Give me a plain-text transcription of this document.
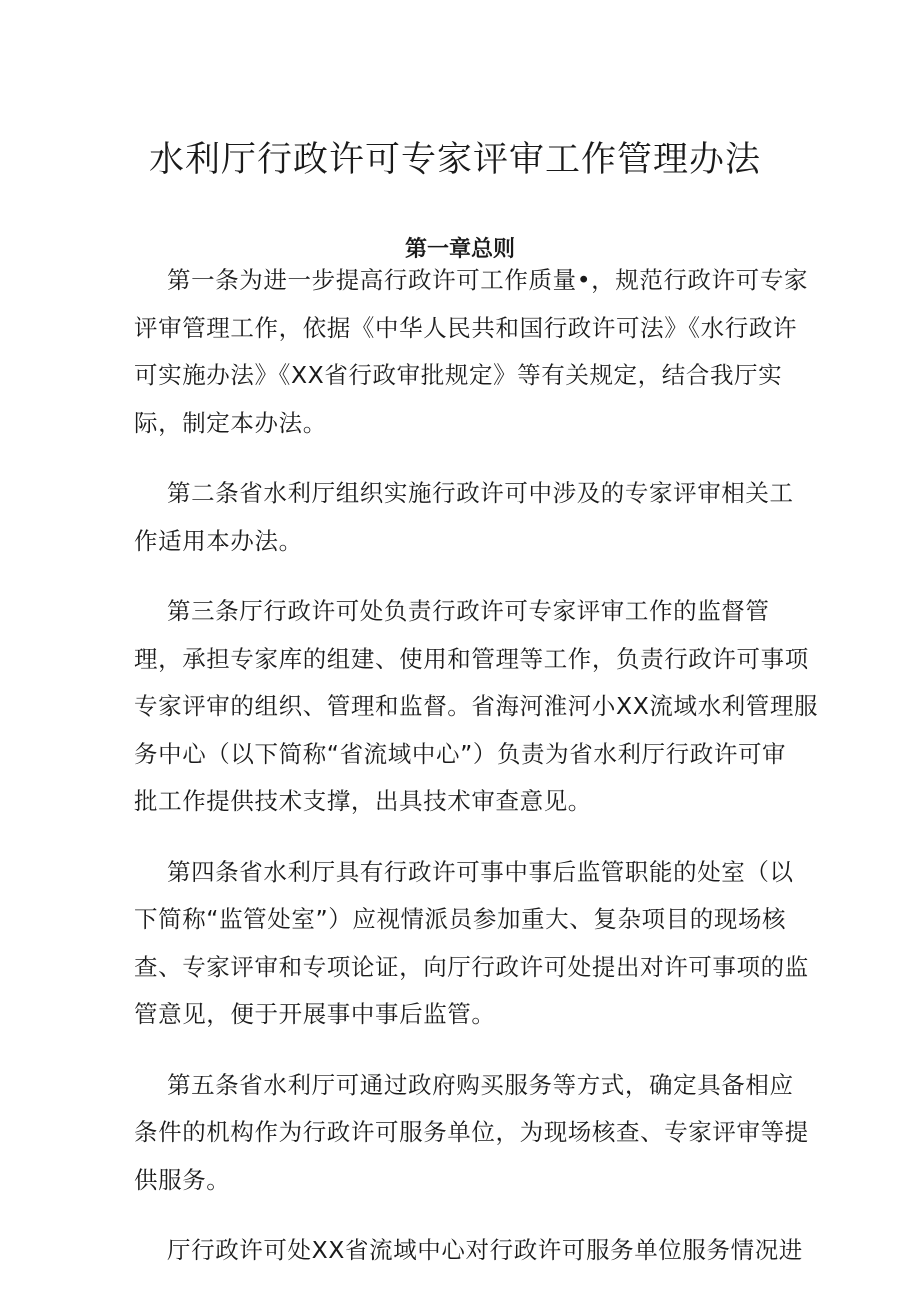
水利厅行政许可专家评审工作管理办法
第一章总则

第一条为进一步提高行政许可工作质量•，规范行政许可专家
评审管理工作，依据《中华人民共和国行政许可法》《水行政许
可实施办法》《XX省行政审批规定》等有关规定，结合我厅实
际，制定本办法。

第二条省水利厅组织实施行政许可中涉及的专家评审相关工
作适用本办法。

第三条厅行政许可处负责行政许可专家评审工作的监督管
理，承担专家库的组建、使用和管理等工作，负责行政许可事项
专家评审的组织、管理和监督。省海河淮河小XX流域水利管理服
务中心（以下简称“省流域中心”）负责为省水利厅行政许可审
批工作提供技术支撑，出具技术审查意见。

第四条省水利厅具有行政许可事中事后监管职能的处室（以
下简称“监管处室”）应视情派员参加重大、复杂项目的现场核
查、专家评审和专项论证，向厅行政许可处提出对许可事项的监
管意见，便于开展事中事后监管。

第五条省水利厅可通过政府购买服务等方式，确定具备相应
条件的机构作为行政许可服务单位，为现场核查、专家评审等提
供服务。

厅行政许可处XX省流域中心对行政许可服务单位服务情况进
